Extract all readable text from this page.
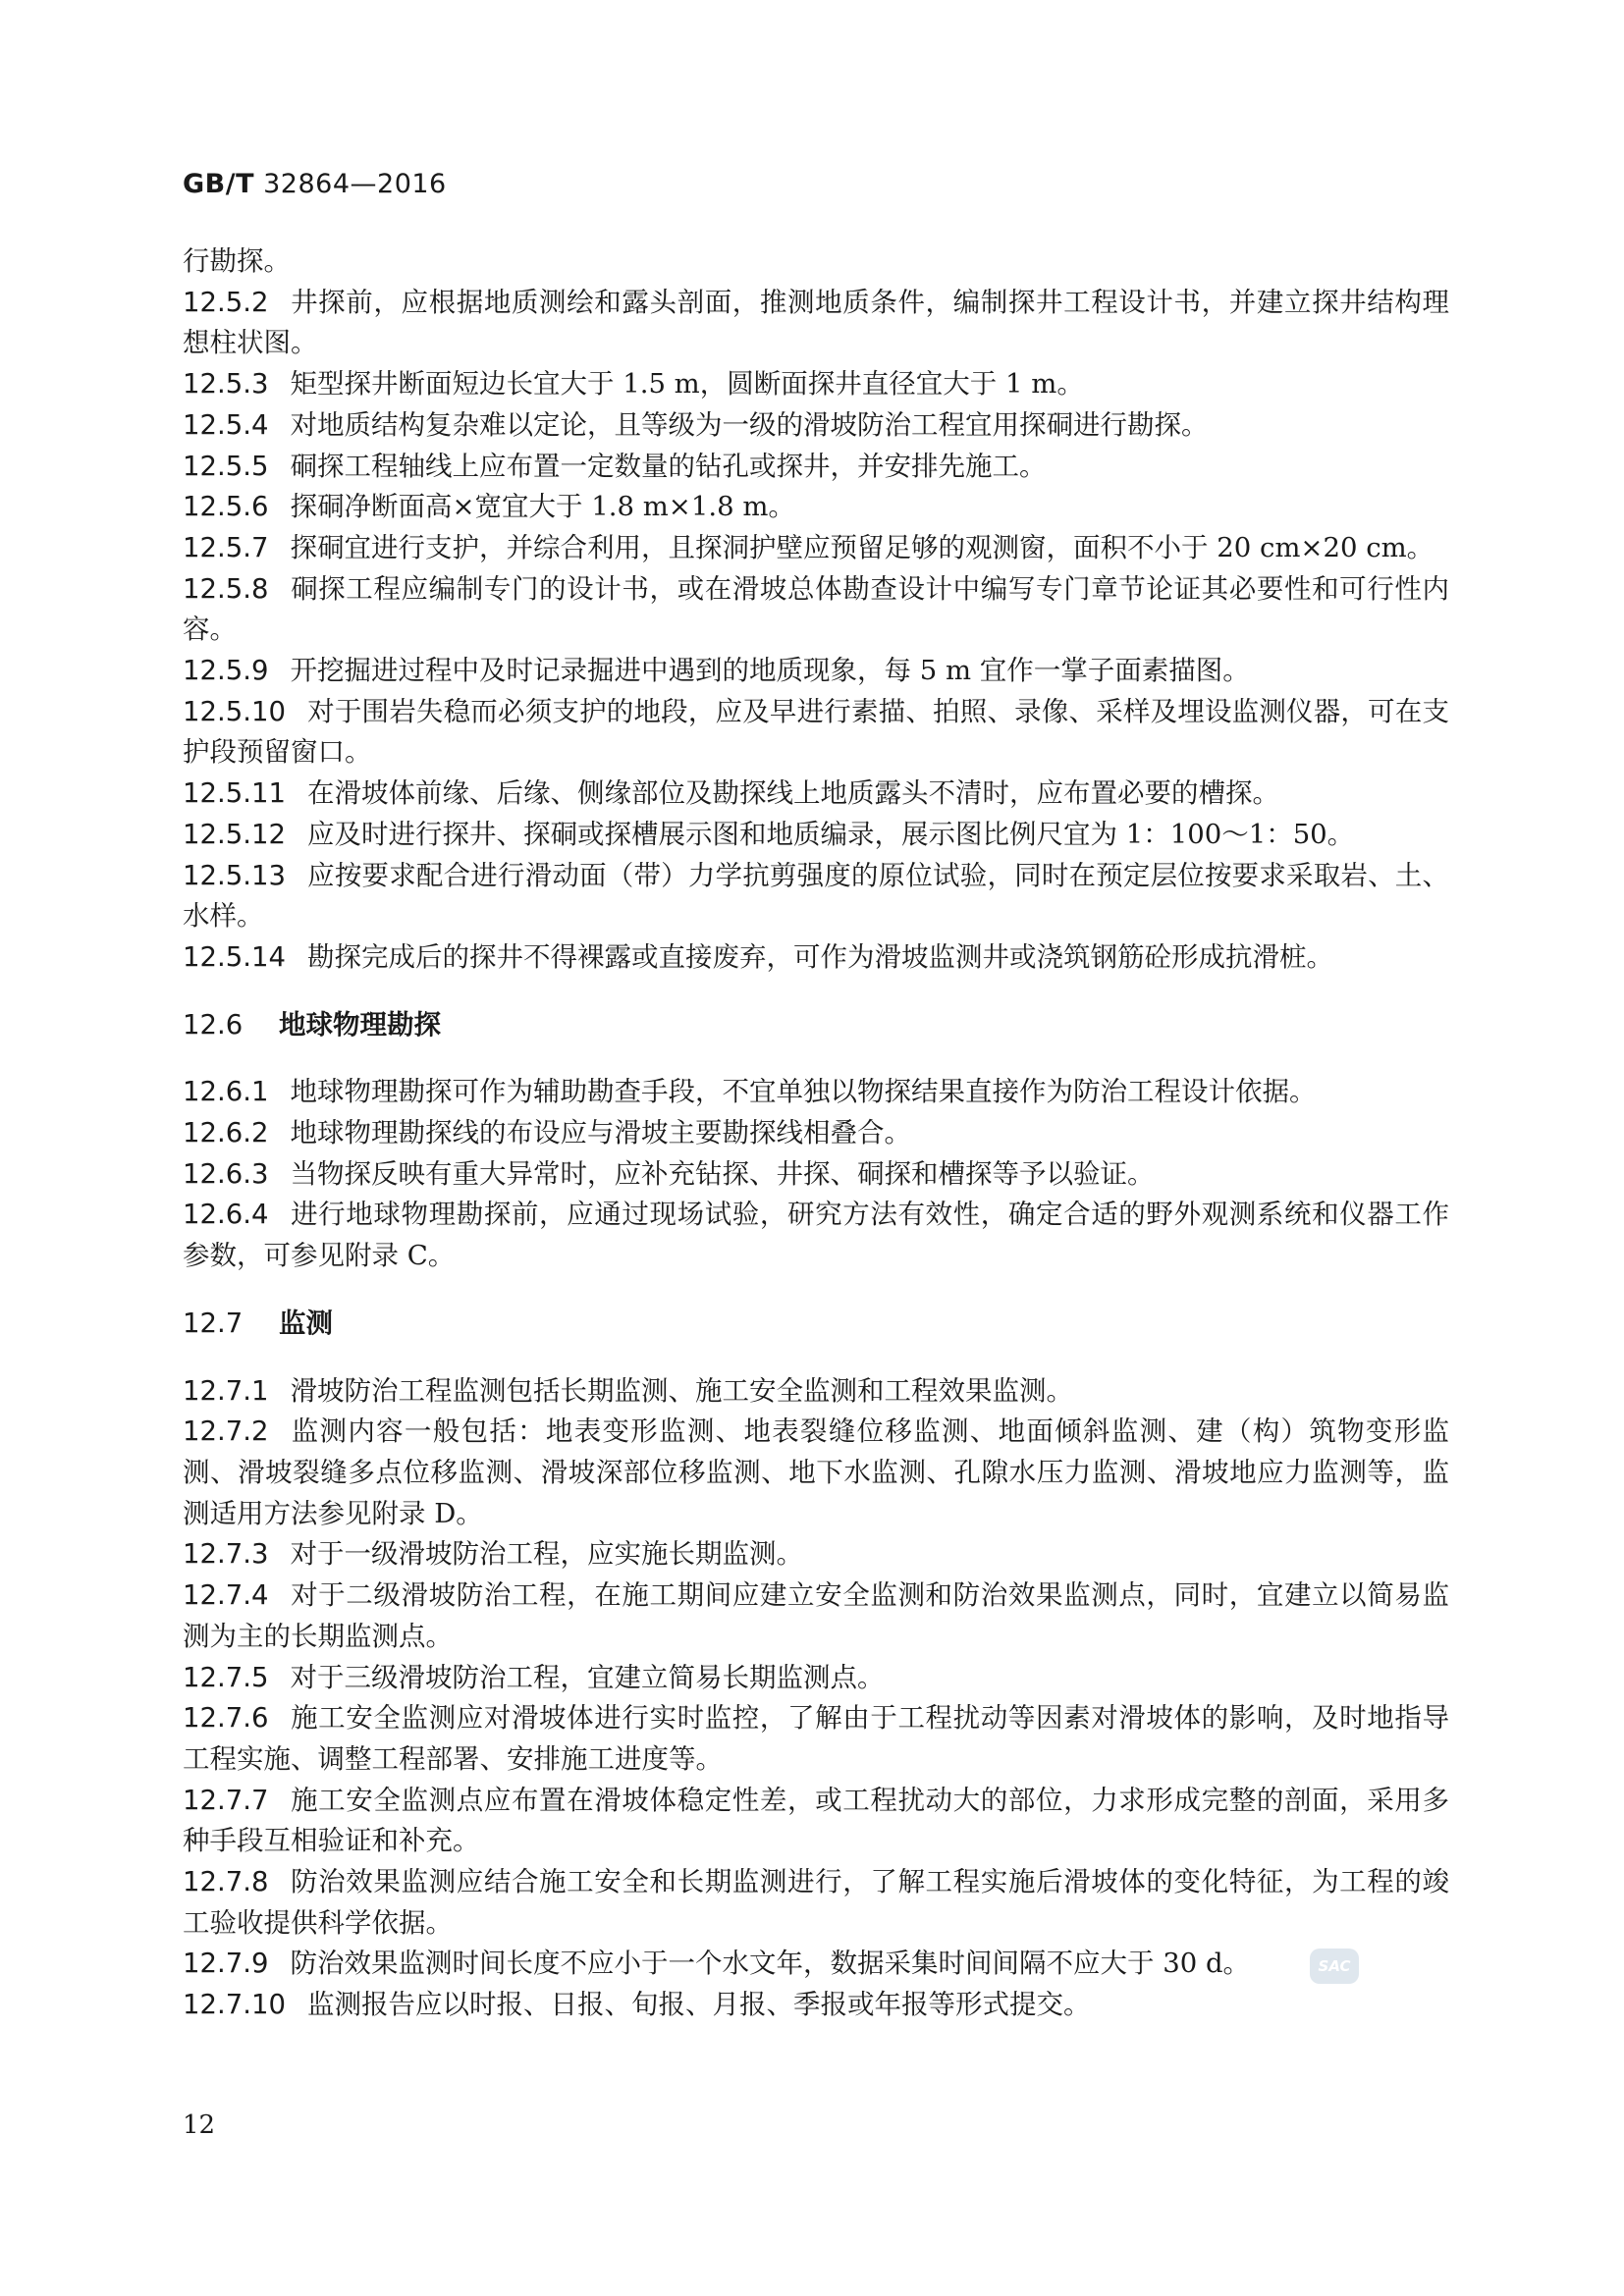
GB/T 32864—2016

行勘探。

12.5.2 井探前，应根据地质测绘和露头剖面，推测地质条件，编制探井工程设计书，并建立探井结构理想柱状图。

12.5.3 矩型探井断面短边长宜大于 1.5 m，圆断面探井直径宜大于 1 m。

12.5.4 对地质结构复杂难以定论，且等级为一级的滑坡防治工程宜用探硐进行勘探。

12.5.5 硐探工程轴线上应布置一定数量的钻孔或探井，并安排先施工。

12.5.6 探硐净断面高×宽宜大于 1.8 m×1.8 m。

12.5.7 探硐宜进行支护，并综合利用，且探洞护壁应预留足够的观测窗，面积不小于 20 cm×20 cm。

12.5.8 硐探工程应编制专门的设计书，或在滑坡总体勘查设计中编写专门章节论证其必要性和可行性内容。

12.5.9 开挖掘进过程中及时记录掘进中遇到的地质现象，每 5 m 宜作一掌子面素描图。

12.5.10 对于围岩失稳而必须支护的地段，应及早进行素描、拍照、录像、采样及埋设监测仪器，可在支护段预留窗口。

12.5.11 在滑坡体前缘、后缘、侧缘部位及勘探线上地质露头不清时，应布置必要的槽探。

12.5.12 应及时进行探井、探硐或探槽展示图和地质编录，展示图比例尺宜为 1：100～1：50。

12.5.13 应按要求配合进行滑动面（带）力学抗剪强度的原位试验，同时在预定层位按要求采取岩、土、水样。

12.5.14 勘探完成后的探井不得裸露或直接废弃，可作为滑坡监测井或浇筑钢筋砼形成抗滑桩。

12.6 地球物理勘探

12.6.1 地球物理勘探可作为辅助勘查手段，不宜单独以物探结果直接作为防治工程设计依据。

12.6.2 地球物理勘探线的布设应与滑坡主要勘探线相叠合。

12.6.3 当物探反映有重大异常时，应补充钻探、井探、硐探和槽探等予以验证。

12.6.4 进行地球物理勘探前，应通过现场试验，研究方法有效性，确定合适的野外观测系统和仪器工作参数，可参见附录 C。

12.7 监测

12.7.1 滑坡防治工程监测包括长期监测、施工安全监测和工程效果监测。

12.7.2 监测内容一般包括：地表变形监测、地表裂缝位移监测、地面倾斜监测、建（构）筑物变形监测、滑坡裂缝多点位移监测、滑坡深部位移监测、地下水监测、孔隙水压力监测、滑坡地应力监测等，监测适用方法参见附录 D。

12.7.3 对于一级滑坡防治工程，应实施长期监测。

12.7.4 对于二级滑坡防治工程，在施工期间应建立安全监测和防治效果监测点，同时，宜建立以简易监测为主的长期监测点。

12.7.5 对于三级滑坡防治工程，宜建立简易长期监测点。

12.7.6 施工安全监测应对滑坡体进行实时监控，了解由于工程扰动等因素对滑坡体的影响，及时地指导工程实施、调整工程部署、安排施工进度等。

12.7.7 施工安全监测点应布置在滑坡体稳定性差，或工程扰动大的部位，力求形成完整的剖面，采用多种手段互相验证和补充。

12.7.8 防治效果监测应结合施工安全和长期监测进行，了解工程实施后滑坡体的变化特征，为工程的竣工验收提供科学依据。

12.7.9 防治效果监测时间长度不应小于一个水文年，数据采集时间间隔不应大于 30 d。

12.7.10 监测报告应以时报、日报、旬报、月报、季报或年报等形式提交。

SAC
12
